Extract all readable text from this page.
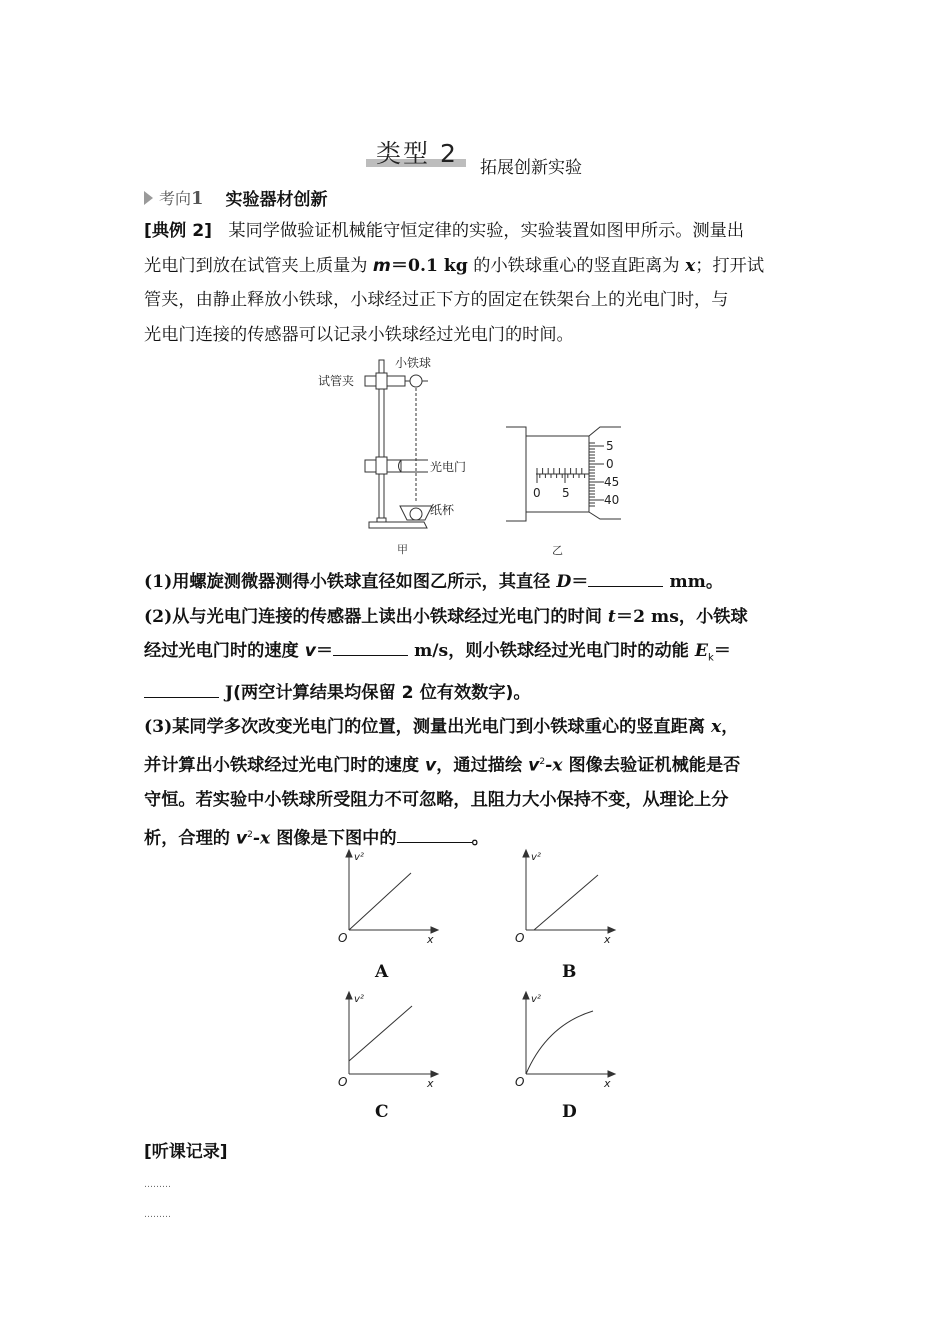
类型 2 拓展创新实验
考向1 实验器材创新
[典例 2] 某同学做验证机械能守恒定律的实验，实验装置如图甲所示。测量出
光电门到放在试管夹上质量为 m＝0.1 kg 的小铁球重心的竖直距离为 x；打开试
管夹，由静止释放小铁球，小球经过正下方的固定在铁架台上的光电门时，与
光电门连接的传感器可以记录小铁球经过光电门的时间。
小铁球
试管夹
光电门
纸杯
甲
0 5
5
0
45
40
乙
(1)用螺旋测微器测得小铁球直径如图乙所示，其直径 D＝	mm。
(2)从与光电门连接的传感器上读出小铁球经过光电门的时间 t＝2 ms，小铁球
经过光电门时的速度 v＝	m/s，则小铁球经过光电门时的动能 $E_k=$
J(两空计算结果均保留 2 位有效数字)。
(3)某同学多次改变光电门的位置，测量出光电门到小铁球重心的竖直距离 x，
并计算出小铁球经过光电门时的速度 v，通过描绘 $v^2-x$ 图像去验证机械能是否
守恒。若实验中小铁球所受阻力不可忽略，且阻力大小保持不变，从理论上分
析，合理的 $v^2-x$ 图像是下图中的	。
v²
O	x
A
v²
O	x
B
v²
O	x
C
v²
O	x
D
[听课记录]
………
………
